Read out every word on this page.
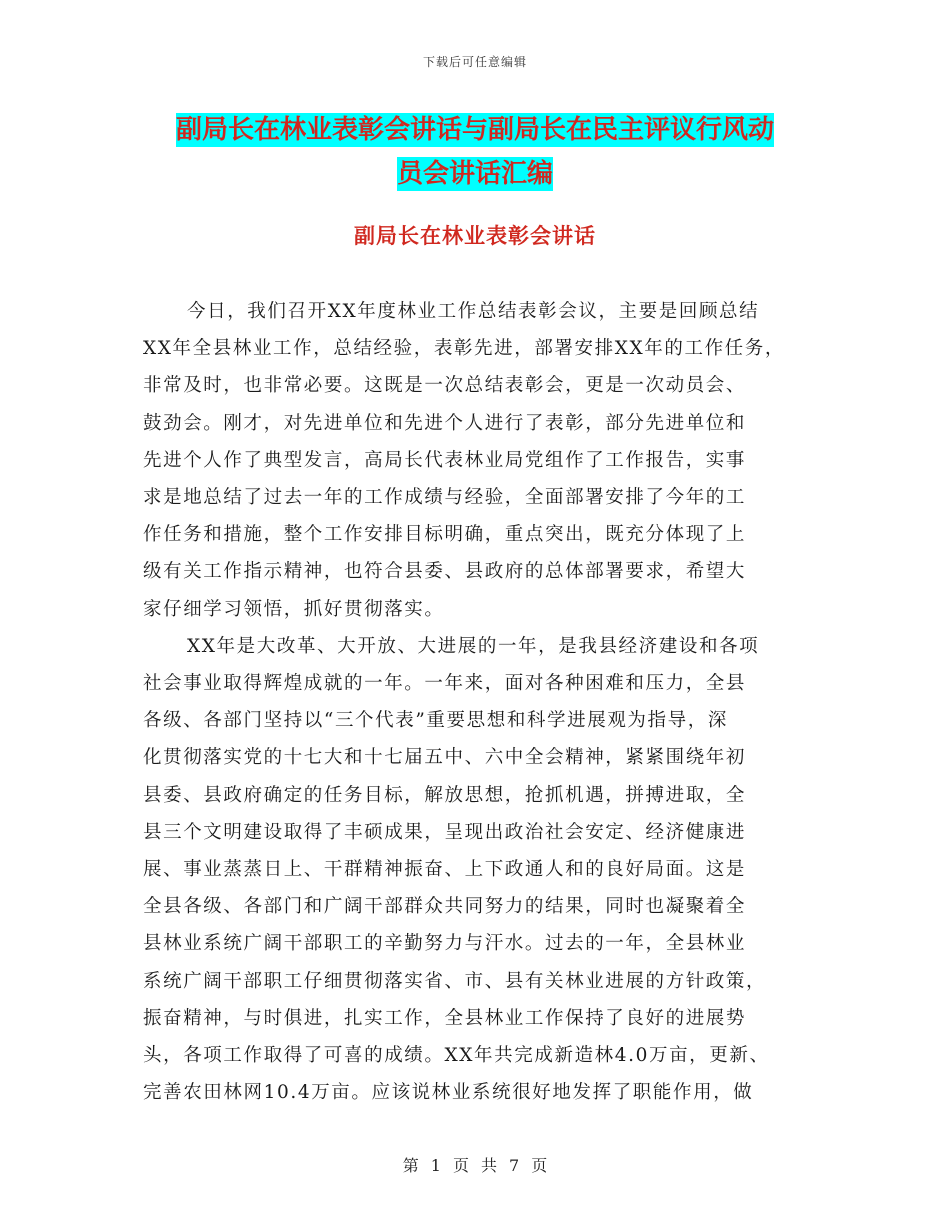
下载后可任意编辑
副局长在林业表彰会讲话与副局长在民主评议行风动
员会讲话汇编
副局长在林业表彰会讲话
今日，我们召开XX年度林业工作总结表彰会议，主要是回顾总结
XX年全县林业工作，总结经验，表彰先进，部署安排XX年的工作任务，
非常及时，也非常必要。这既是一次总结表彰会，更是一次动员会、
鼓劲会。刚才，对先进单位和先进个人进行了表彰，部分先进单位和
先进个人作了典型发言，高局长代表林业局党组作了工作报告，实事
求是地总结了过去一年的工作成绩与经验，全面部署安排了今年的工
作任务和措施，整个工作安排目标明确，重点突出，既充分体现了上
级有关工作指示精神，也符合县委、县政府的总体部署要求，希望大
家仔细学习领悟，抓好贯彻落实。
XX年是大改革、大开放、大进展的一年，是我县经济建设和各项
社会事业取得辉煌成就的一年。一年来，面对各种困难和压力，全县
各级、各部门坚持以“三个代表”重要思想和科学进展观为指导，深
化贯彻落实党的十七大和十七届五中、六中全会精神，紧紧围绕年初
县委、县政府确定的任务目标，解放思想，抢抓机遇，拼搏进取，全
县三个文明建设取得了丰硕成果，呈现出政治社会安定、经济健康进
展、事业蒸蒸日上、干群精神振奋、上下政通人和的良好局面。这是
全县各级、各部门和广阔干部群众共同努力的结果，同时也凝聚着全
县林业系统广阔干部职工的辛勤努力与汗水。过去的一年，全县林业
系统广阔干部职工仔细贯彻落实省、市、县有关林业进展的方针政策，
振奋精神，与时俱进，扎实工作，全县林业工作保持了良好的进展势
头，各项工作取得了可喜的成绩。XX年共完成新造林4.0万亩，更新、
完善农田林网10.4万亩。应该说林业系统很好地发挥了职能作用，做
第 1 页 共 7 页
